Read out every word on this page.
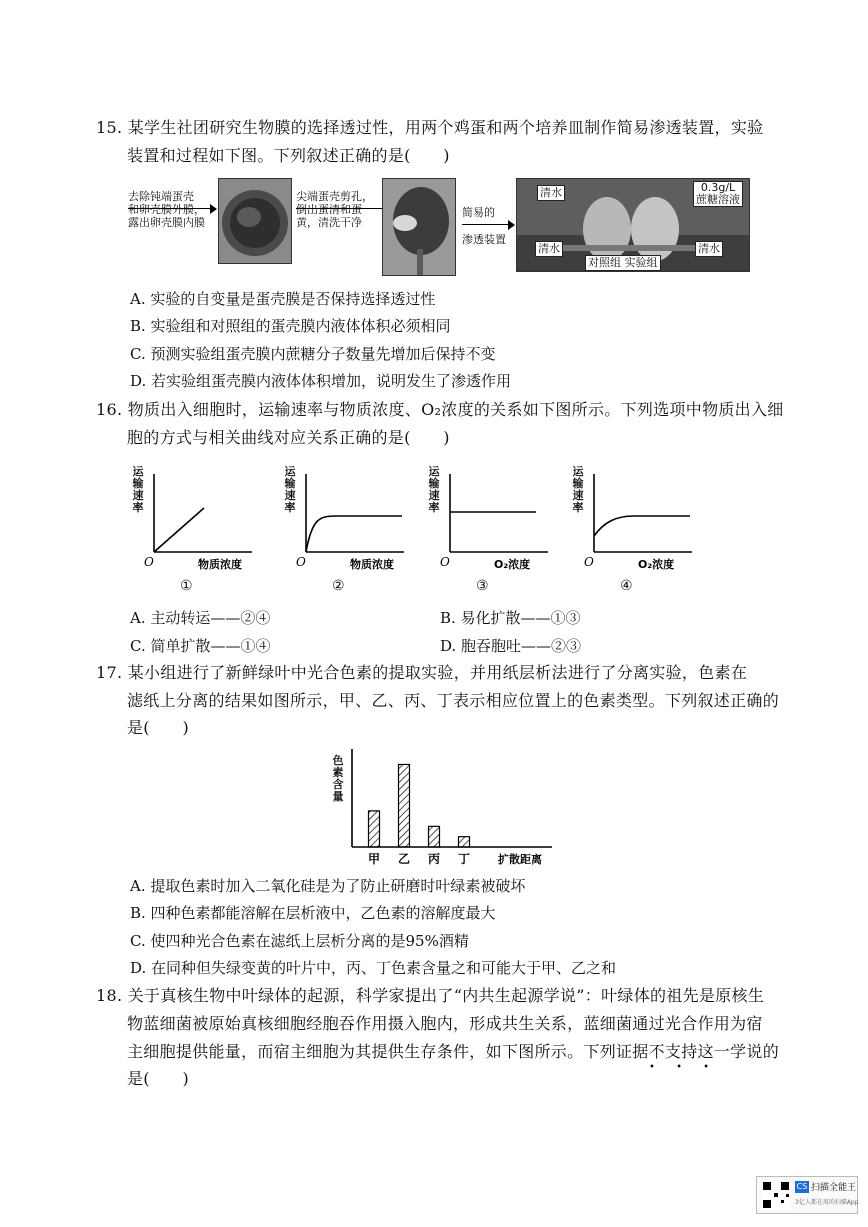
15. 某学生社团研究生物膜的选择透过性，用两个鸡蛋和两个培养皿制作简易渗透装置，实验
装置和过程如下图。下列叙述正确的是(　　)
去除钝端蛋壳
和卵壳膜外膜，
露出卵壳膜内膜
尖端蛋壳剪孔，
倒出蛋清和蛋
黄，清洗干净
简易的
渗透装置
清水	0.3g/L
蔗糖溶液
清水	清水
对照组 实验组
A. 实验的自变量是蛋壳膜是否保持选择透过性
B. 实验组和对照组的蛋壳膜内液体体积必须相同
C. 预测实验组蛋壳膜内蔗糖分子数量先增加后保持不变
D. 若实验组蛋壳膜内液体体积增加，说明发生了渗透作用
16. 物质出入细胞时，运输速率与物质浓度、O₂浓度的关系如下图所示。下列选项中物质出入细
胞的方式与相关曲线对应关系正确的是(　　)
运输速率
O	物质浓度
①
运输速率
O	物质浓度
②
运输速率
O	O₂浓度
③
运输速率
O	O₂浓度
④
A. 主动转运——②④	B. 易化扩散——①③
C. 简单扩散——①④	D. 胞吞胞吐——②③
17. 某小组进行了新鲜绿叶中光合色素的提取实验，并用纸层析法进行了分离实验，色素在
滤纸上分离的结果如图所示，甲、乙、丙、丁表示相应位置上的色素类型。下列叙述正确的
是(　　)
甲 乙 丙 丁	扩散距离
色素含量
A. 提取色素时加入二氧化硅是为了防止研磨时叶绿素被破坏
B. 四种色素都能溶解在层析液中，乙色素的溶解度最大
C. 使四种光合色素在滤纸上层析分离的是95%酒精
D. 在同种但失绿变黄的叶片中，丙、丁色素含量之和可能大于甲、乙之和
18. 关于真核生物中叶绿体的起源，科学家提出了“内共生起源学说”：叶绿体的祖先是原核生
物蓝细菌被原始真核细胞经胞吞作用摄入胞内，形成共生关系，蓝细菌通过光合作用为宿
主细胞提供能量，而宿主细胞为其提供生存条件，如下图所示。下列证据不支持这一学说的
是(　　)
• • •
CS 扫描全能王
3亿人都在用的扫描App
